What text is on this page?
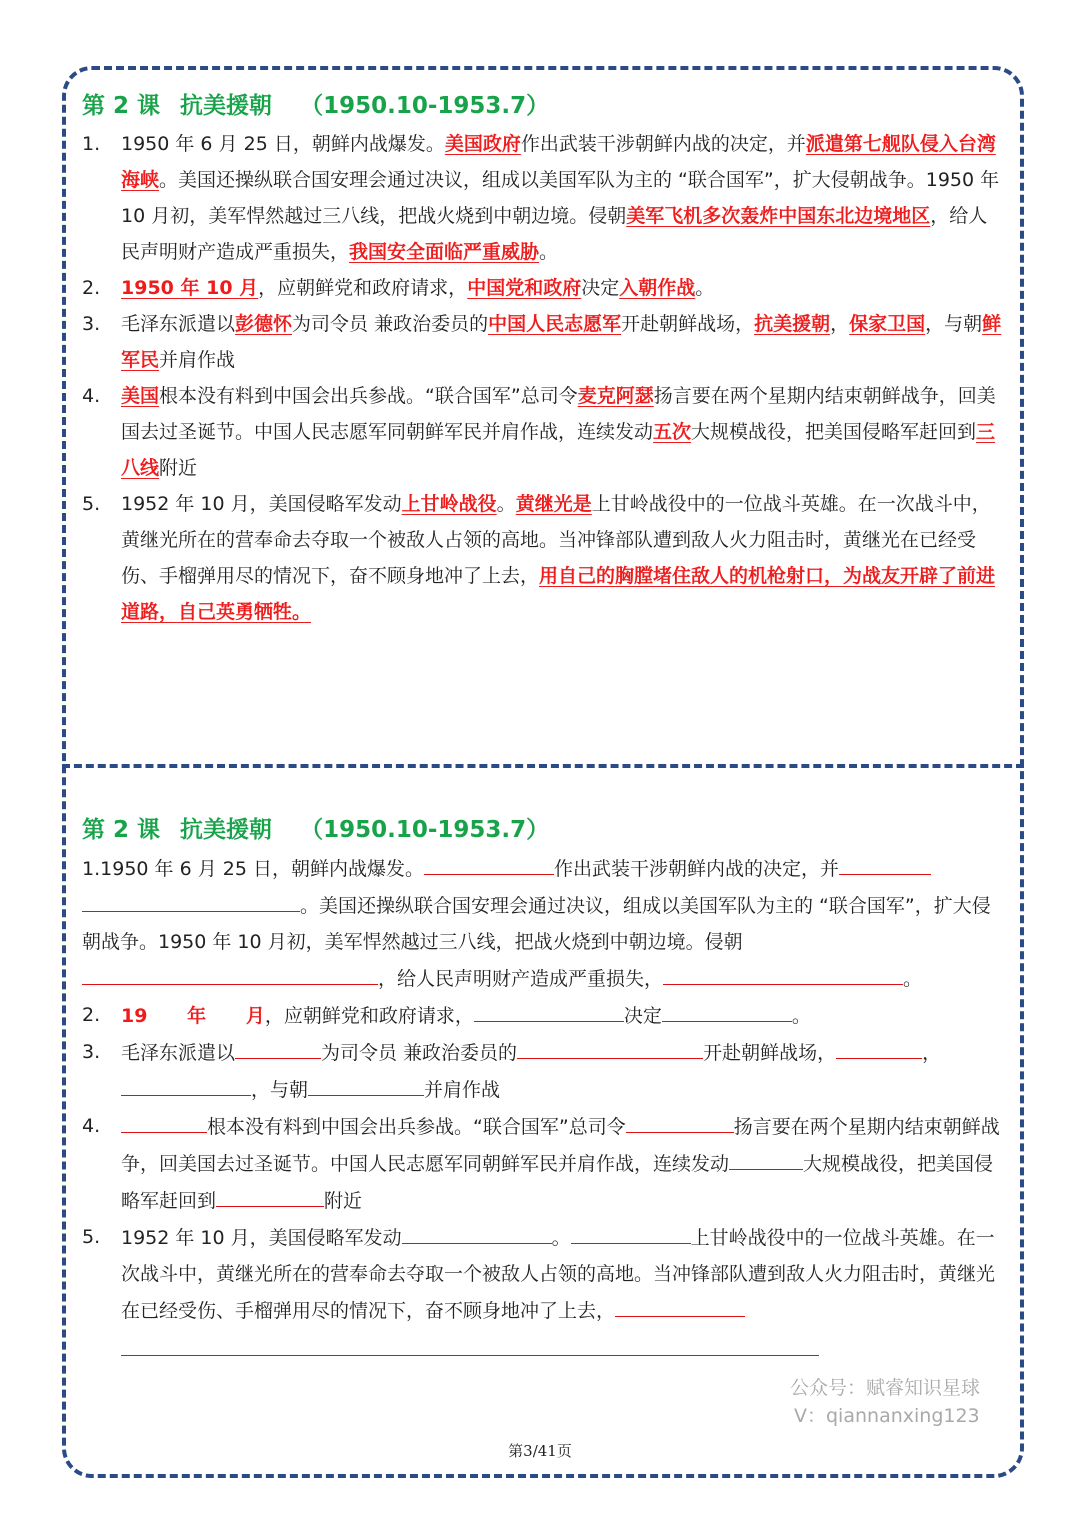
第 2 课 抗美援朝 （1950.10-1953.7）
1. 1950 年 6 月 25 日，朝鲜内战爆发。美国政府作出武装干涉朝鲜内战的决定，并派遣第七舰队侵入台湾海峡。美国还操纵联合国安理会通过决议，组成以美国军队为主的 “联合国军”，扩大侵朝战争。1950 年 10 月初，美军悍然越过三八线，把战火烧到中朝边境。侵朝美军飞机多次轰炸中国东北边境地区，给人民声明财产造成严重损失，我国安全面临严重威胁。
2. 1950 年 10 月，应朝鲜党和政府请求，中国党和政府决定入朝作战。
3. 毛泽东派遣以彭德怀为司令员 兼政治委员的中国人民志愿军开赴朝鲜战场，抗美援朝，保家卫国，与朝鲜军民并肩作战
4. 美国根本没有料到中国会出兵参战。“联合国军”总司令麦克阿瑟扬言要在两个星期内结束朝鲜战争，回美国去过圣诞节。中国人民志愿军同朝鲜军民并肩作战，连续发动五次大规模战役，把美国侵略军赶回到三八线附近
5. 1952 年 10 月，美国侵略军发动上甘岭战役。黄继光是上甘岭战役中的一位战斗英雄。在一次战斗中，黄继光所在的营奉命去夺取一个被敌人占领的高地。当冲锋部队遭到敌人火力阻击时，黄继光在已经受伤、手榴弹用尽的情况下，奋不顾身地冲了上去，用自己的胸膛堵住敌人的机枪射口，为战友开辟了前进道路，自己英勇牺牲。
第 2 课 抗美援朝 （1950.10-1953.7）
1.1950 年 6 月 25 日，朝鲜内战爆发。	作出武装干涉朝鲜内战的决定，并。美国还操纵联合国安理会通过决议，组成以美国军队为主的 “联合国军”，扩大侵朝战争。1950 年 10 月初，美军悍然越过三八线，把战火烧到中朝边境。侵朝，给人民声明财产造成严重损失，	。
2. 19      年      月，应朝鲜党和政府请求，	决定	。
3. 毛泽东派遣以	为司令员 兼政治委员的	开赴朝鲜战场，	，，与朝	并肩作战
4.	根本没有料到中国会出兵参战。“联合国军”总司令	扬言要在两个星期内结束朝鲜战争，回美国去过圣诞节。中国人民志愿军同朝鲜军民并肩作战，连续发动	大规模战役，把美国侵略军赶回到	附近
5. 1952 年 10 月，美国侵略军发动	。	上甘岭战役中的一位战斗英雄。在一次战斗中，黄继光所在的营奉命去夺取一个被敌人占领的高地。当冲锋部队遭到敌人火力阻击时，黄继光在已经受伤、手榴弹用尽的情况下，奋不顾身地冲了上去，
公众号：赋睿知识星球
V：qiannanxing123
第3/41页
